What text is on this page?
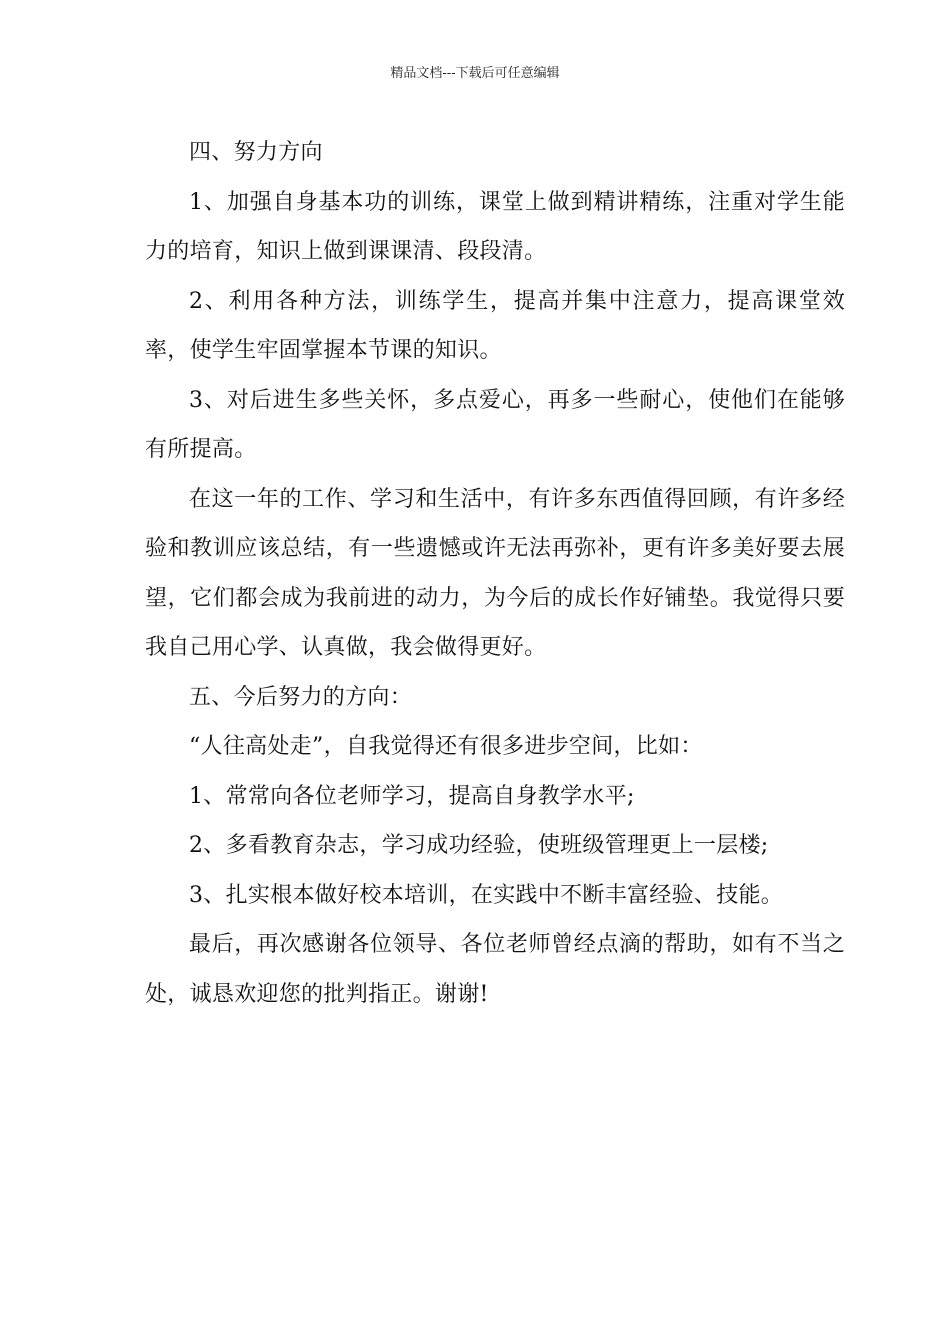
精品文档---下载后可任意编辑

四、努力方向

1、加强自身基本功的训练，课堂上做到精讲精练，注重对学生能力的培育，知识上做到课课清、段段清。

2、利用各种方法，训练学生，提高并集中注意力，提高课堂效率，使学生牢固掌握本节课的知识。

3、对后进生多些关怀，多点爱心，再多一些耐心，使他们在能够有所提高。

在这一年的工作、学习和生活中，有许多东西值得回顾，有许多经验和教训应该总结，有一些遗憾或许无法再弥补，更有许多美好要去展望，它们都会成为我前进的动力，为今后的成长作好铺垫。我觉得只要我自己用心学、认真做，我会做得更好。

五、今后努力的方向：

“人往高处走”，自我觉得还有很多进步空间，比如：

1、常常向各位老师学习，提高自身教学水平;

2、多看教育杂志，学习成功经验，使班级管理更上一层楼;

3、扎实根本做好校本培训，在实践中不断丰富经验、技能。

最后，再次感谢各位领导、各位老师曾经点滴的帮助，如有不当之处，诚恳欢迎您的批判指正。谢谢!
